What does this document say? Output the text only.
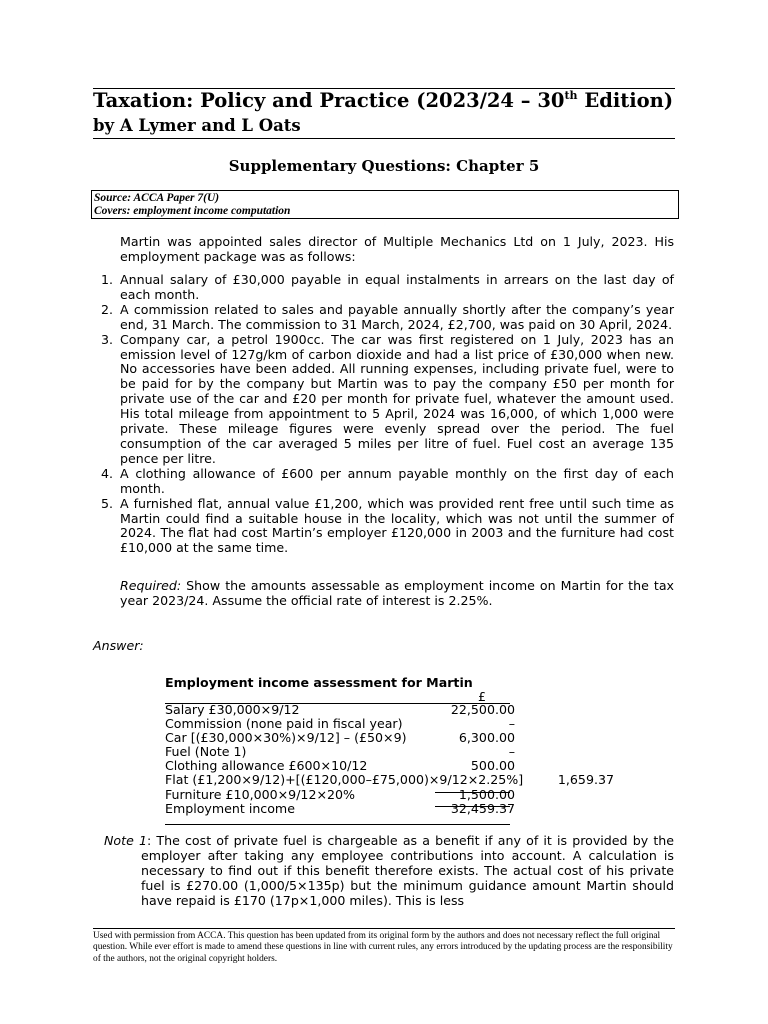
Taxation: Policy and Practice (2023/24 – 30th Edition)
by A Lymer and L Oats
Supplementary Questions: Chapter 5
Source: ACCA Paper 7(U)
Covers: employment income computation
Martin was appointed sales director of Multiple Mechanics Ltd on 1 July, 2023. His employment package was as follows:
1. Annual salary of £30,000 payable in equal instalments in arrears on the last day of each month.
2. A commission related to sales and payable annually shortly after the company’s year end, 31 March. The commission to 31 March, 2024, £2,700, was paid on 30 April, 2024.
3. Company car, a petrol 1900cc. The car was first registered on 1 July, 2023 has an emission level of 127g/km of carbon dioxide and had a list price of £30,000 when new. No accessories have been added. All running expenses, including private fuel, were to be paid for by the company but Martin was to pay the company £50 per month for private use of the car and £20 per month for private fuel, whatever the amount used. His total mileage from appointment to 5 April, 2024 was 16,000, of which 1,000 were private. These mileage figures were evenly spread over the period. The fuel consumption of the car averaged 5 miles per litre of fuel. Fuel cost an average 135 pence per litre.
4. A clothing allowance of £600 per annum payable monthly on the first day of each month.
5. A furnished flat, annual value £1,200, which was provided rent free until such time as Martin could find a suitable house in the locality, which was not until the summer of 2024. The flat had cost Martin’s employer £120,000 in 2003 and the furniture had cost £10,000 at the same time.
Required: Show the amounts assessable as employment income on Martin for the tax year 2023/24. Assume the official rate of interest is 2.25%.
Answer:
Employment income assessment for Martin
£
Salary £30,000×9/12	22,500.00
Commission (none paid in fiscal year)	–
Car [(£30,000×30%)×9/12] – (£50×9)	6,300.00
Fuel (Note 1)	–
Clothing allowance £600×10/12	500.00
Flat (£1,200×9/12)+[(£120,000–£75,000)×9/12×2.25%]	1,659.37
Furniture £10,000×9/12×20%	1,500.00
Employment income	32,459.37
Note 1: The cost of private fuel is chargeable as a benefit if any of it is provided by the employer after taking any employee contributions into account. A calculation is necessary to find out if this benefit therefore exists. The actual cost of his private fuel is £270.00 (1,000/5×135p) but the minimum guidance amount Martin should have repaid is £170 (17p×1,000 miles). This is less
Used with permission from ACCA. This question has been updated from its original form by the authors and does not necessary reflect the full original question. While ever effort is made to amend these questions in line with current rules, any errors introduced by the updating process are the responsibility of the authors, not the original copyright holders.
